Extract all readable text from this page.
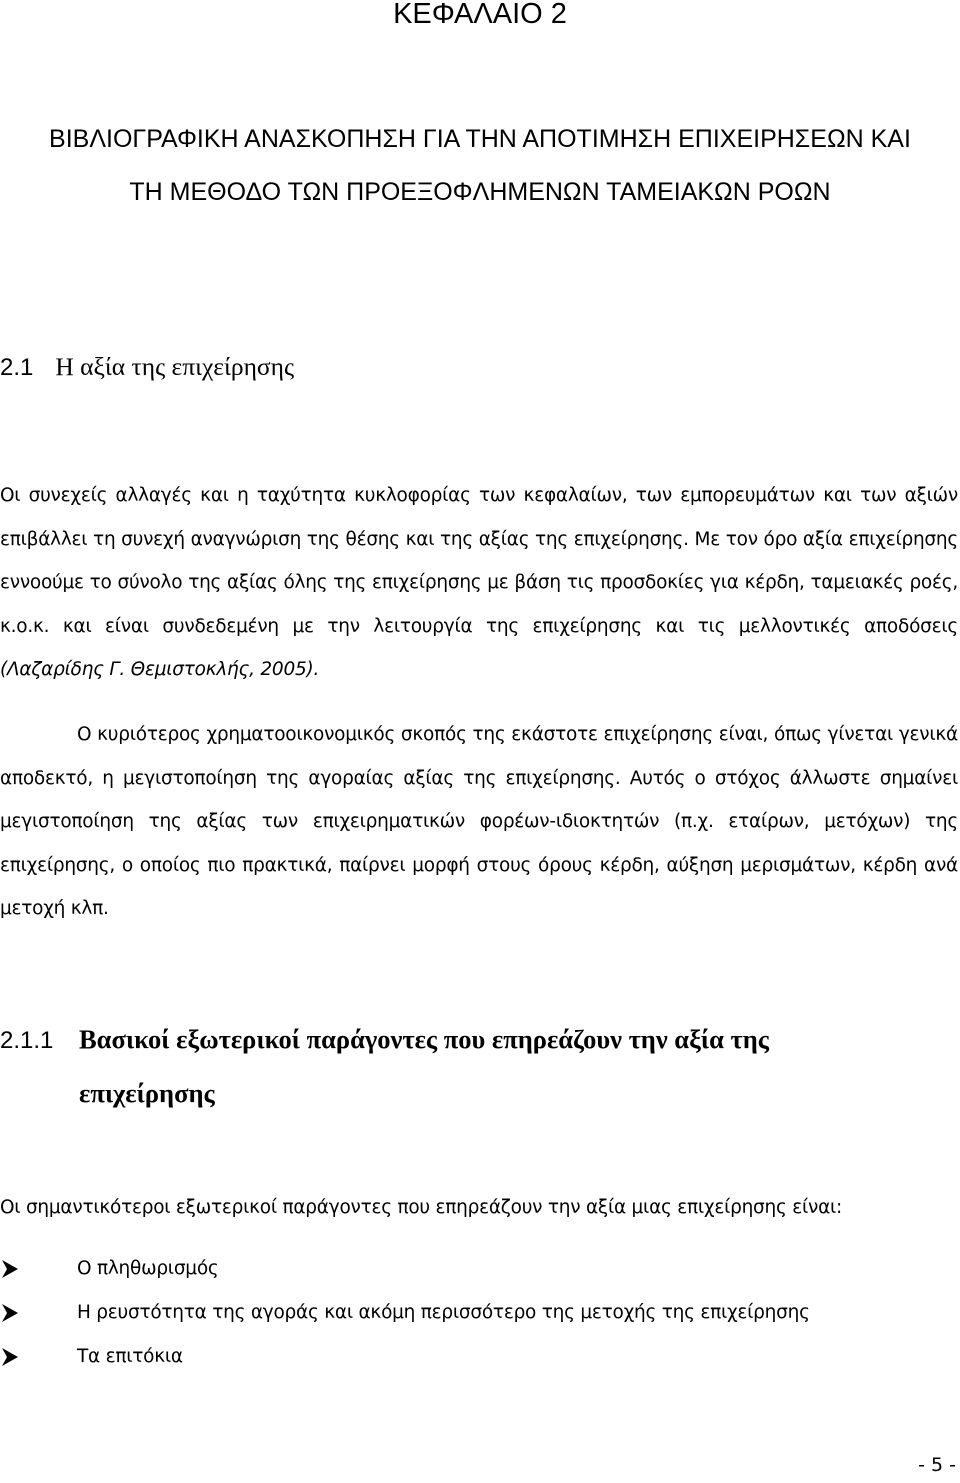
ΚΕΦΑΛΑΙΟ 2
ΒΙΒΛΙΟΓΡΑΦΙΚΗ ΑΝΑΣΚΟΠΗΣΗ ΓΙΑ ΤΗΝ ΑΠΟΤΙΜΗΣΗ ΕΠΙΧΕΙΡΗΣΕΩΝ ΚΑΙ ΤΗ ΜΕΘΟΔΟ ΤΩΝ ΠΡΟΕΞΟΦΛΗΜΕΝΩΝ ΤΑΜΕΙΑΚΩΝ ΡΟΩΝ
2.1 Η αξία της επιχείρησης

Οι συνεχείς αλλαγές και η ταχύτητα κυκλοφορίας των κεφαλαίων, των εμπορευμάτων και των αξιών επιβάλλει τη συνεχή αναγνώριση της θέσης και της αξίας της επιχείρησης. Με τον όρο αξία επιχείρησης εννοούμε το σύνολο της αξίας όλης της επιχείρησης με βάση τις προσδοκίες για κέρδη, ταμειακές ροές, κ.ο.κ. και είναι συνδεδεμένη με την λειτουργία της επιχείρησης και τις μελλοντικές αποδόσεις (Λαζαρίδης Γ. Θεμιστοκλής, 2005).

Ο κυριότερος χρηματοοικονομικός σκοπός της εκάστοτε επιχείρησης είναι, όπως γίνεται γενικά αποδεκτό, η μεγιστοποίηση της αγοραίας αξίας της επιχείρησης. Αυτός ο στόχος άλλωστε σημαίνει μεγιστοποίηση της αξίας των επιχειρηματικών φορέων-ιδιοκτητών (π.χ. εταίρων, μετόχων) της επιχείρησης, ο οποίος πιο πρακτικά, παίρνει μορφή στους όρους κέρδη, αύξηση μερισμάτων, κέρδη ανά μετοχή κλπ.

2.1.1 Βασικοί εξωτερικοί παράγοντες που επηρεάζουν την αξία της
επιχείρησης

Οι σημαντικότεροι εξωτερικοί παράγοντες που επηρεάζουν την αξία μιας επιχείρησης είναι:

Ο πληθωρισμός
Η ρευστότητα της αγοράς και ακόμη περισσότερο της μετοχής της επιχείρησης
Τα επιτόκια
- 5 -
